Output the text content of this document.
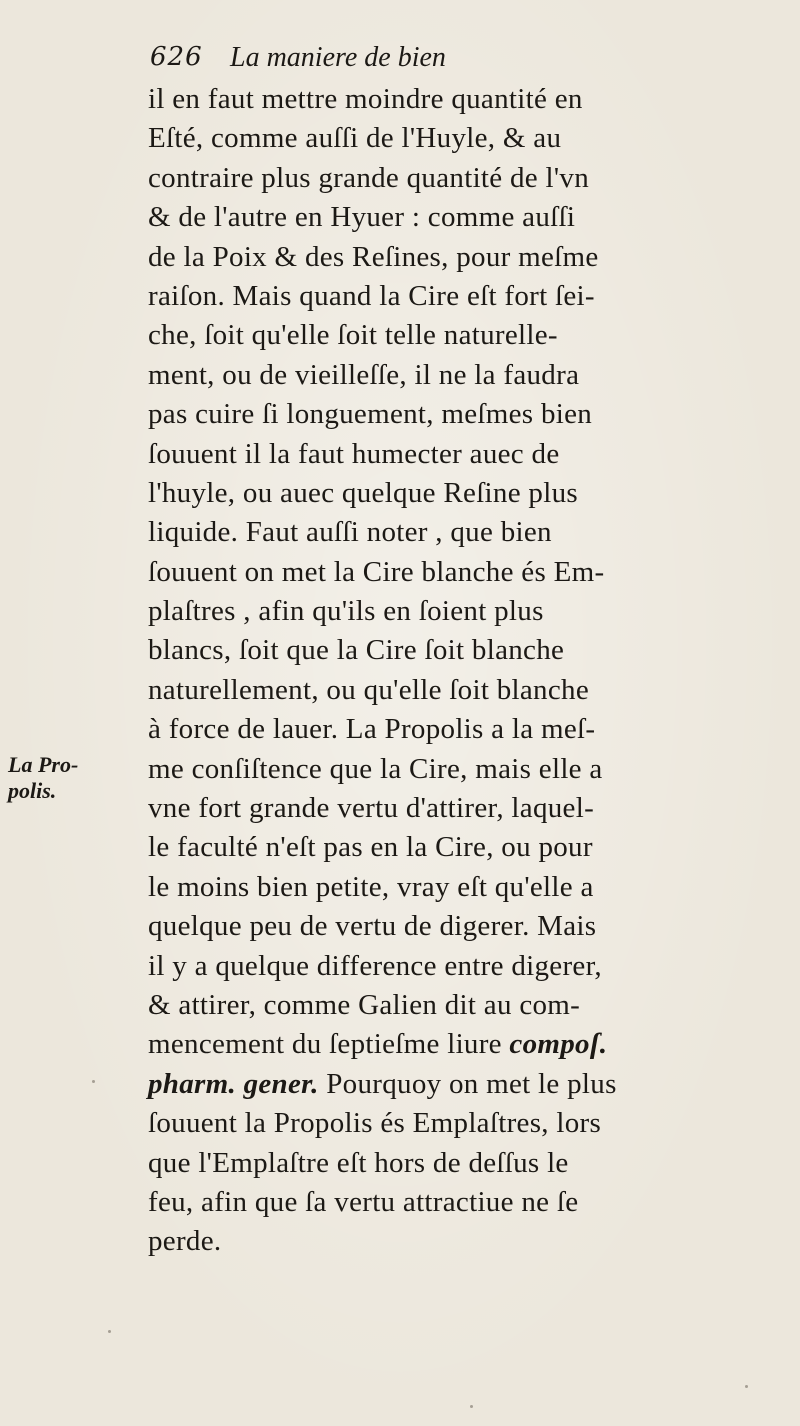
626 La maniere de bien
La Pro-
polis.
il en faut mettre moindre quantité en
Eſté, comme auſſi de l'Huyle, & au
contraire plus grande quantité de l'vn
& de l'autre en Hyuer : comme auſſi
de la Poix & des Reſines, pour meſme
raiſon. Mais quand la Cire eſt fort ſei-
che, ſoit qu'elle ſoit telle naturelle-
ment, ou de vieilleſſe, il ne la faudra
pas cuire ſi longuement, meſmes bien
ſouuent il la faut humecter auec de
l'huyle, ou auec quelque Reſine plus
liquide. Faut auſſi noter , que bien
ſouuent on met la Cire blanche és Em-
plaſtres , afin qu'ils en ſoient plus
blancs, ſoit que la Cire ſoit blanche
naturellement, ou qu'elle ſoit blanche
à force de lauer. La Propolis a la meſ-
me conſiſtence que la Cire, mais elle a
vne fort grande vertu d'attirer, laquel-
le faculté n'eſt pas en la Cire, ou pour
le moins bien petite, vray eſt qu'elle a
quelque peu de vertu de digerer. Mais
il y a quelque difference entre digerer,
& attirer, comme Galien dit au com-
mencement du ſeptieſme liure compoſ.
pharm. gener. Pourquoy on met le plus
ſouuent la Propolis és Emplaſtres, lors
que l'Emplaſtre eſt hors de deſſus le
feu, afin que ſa vertu attractiue ne ſe
perde.
